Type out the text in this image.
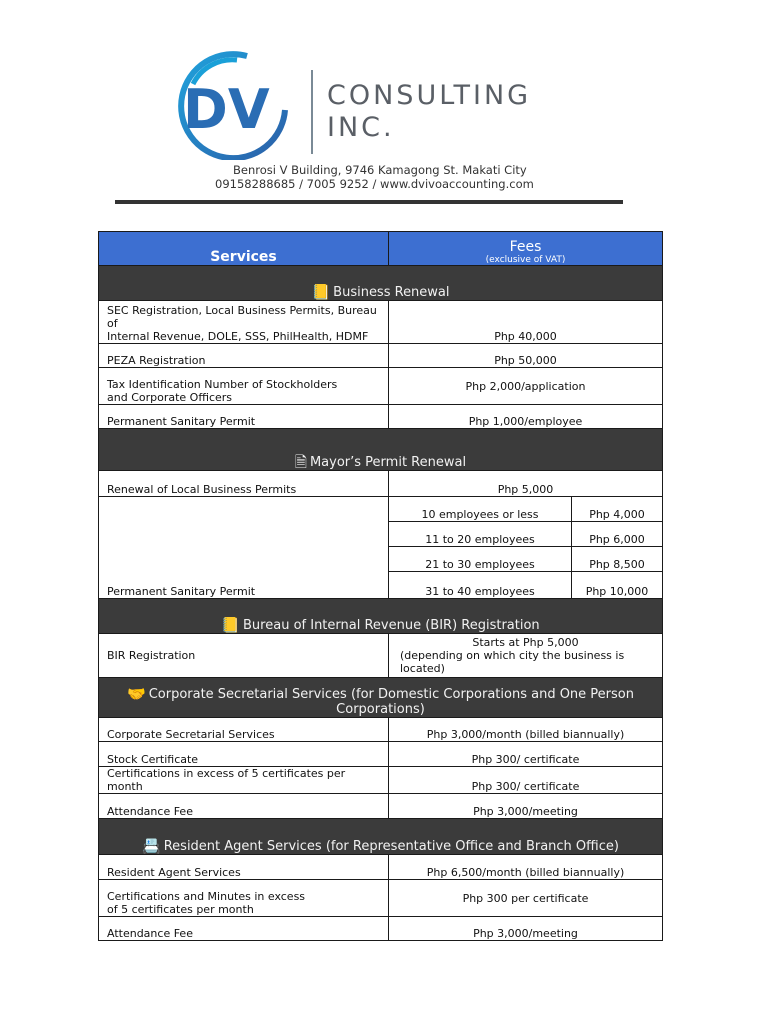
DV CONSULTING
INC.
Benrosi V Building, 9746 Kamagong St. Makati City
09158288685 / 7005 9252 / www.dvivoaccounting.com
Services	Fees
(exclusive of VAT)	

📒 Business Renewal		

SEC Registration, Local Business Permits, Bureau of
Internal Revenue, DOLE, SSS, PhilHealth, HDMF	Php 40,000	
PEZA Registration	Php 50,000	

Tax Identification Number of Stockholders
and Corporate Officers	Php 2,000/application	
Permanent Sanitary Permit	Php 1,000/employee	
🗎 Mayor’s Permit Renewal		
Renewal of Local Business Permits	Php 5,000	
Permanent Sanitary Permit	10 employees or less	Php 4,000
	11 to 20 employees	Php 6,000
	21 to 30 employees	Php 8,500
	31 to 40 employees	Php 10,000
📒 Bureau of Internal Revenue (BIR) Registration		
BIR Registration	Starts at Php 5,000
(depending on which city the business is
located)	

🤝 Corporate Secretarial Services (for Domestic Corporations and One Person
Corporations)		

Corporate Secretarial Services	Php 3,000/month (billed biannually)	
Stock Certificate	Php 300/ certificate	
Certifications in excess of 5 certificates per month	Php 300/ certificate	
Attendance Fee	Php 3,000/meeting	
📇 Resident Agent Services (for Representative Office and Branch Office)		
Resident Agent Services	Php 6,500/month (billed biannually)	

Certifications and Minutes in excess
of 5 certificates per month	Php 300 per certificate	
Attendance Fee	Php 3,000/meeting	
